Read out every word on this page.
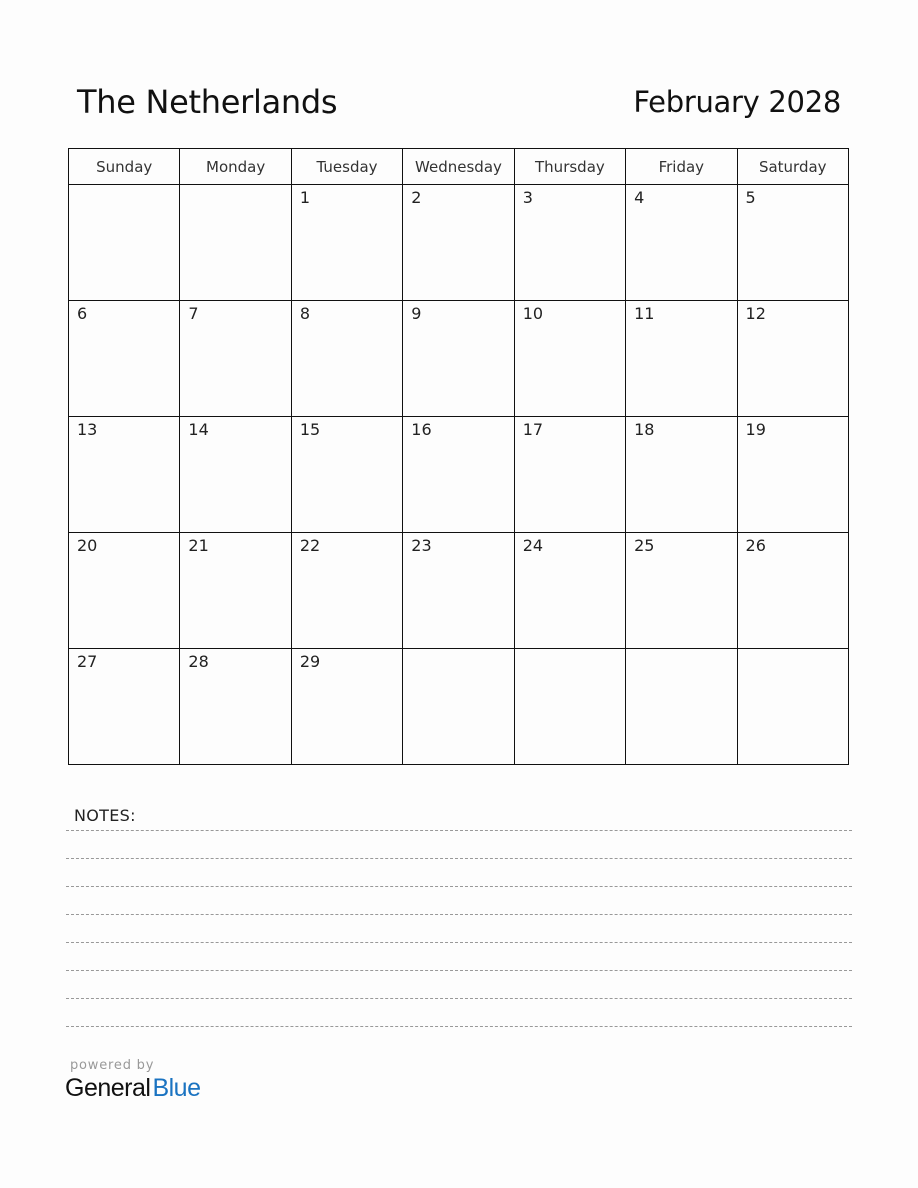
The Netherlands	February 2028
Sunday	Monday	Tuesday	Wednesday	Thursday	Friday	Saturday

		1	2	3	4	5

6	7	8	9	10	11	12

13	14	15	16	17	18	19

20	21	22	23	24	25	26

27	28	29				

NOTES:
powered by
GeneralBlue
